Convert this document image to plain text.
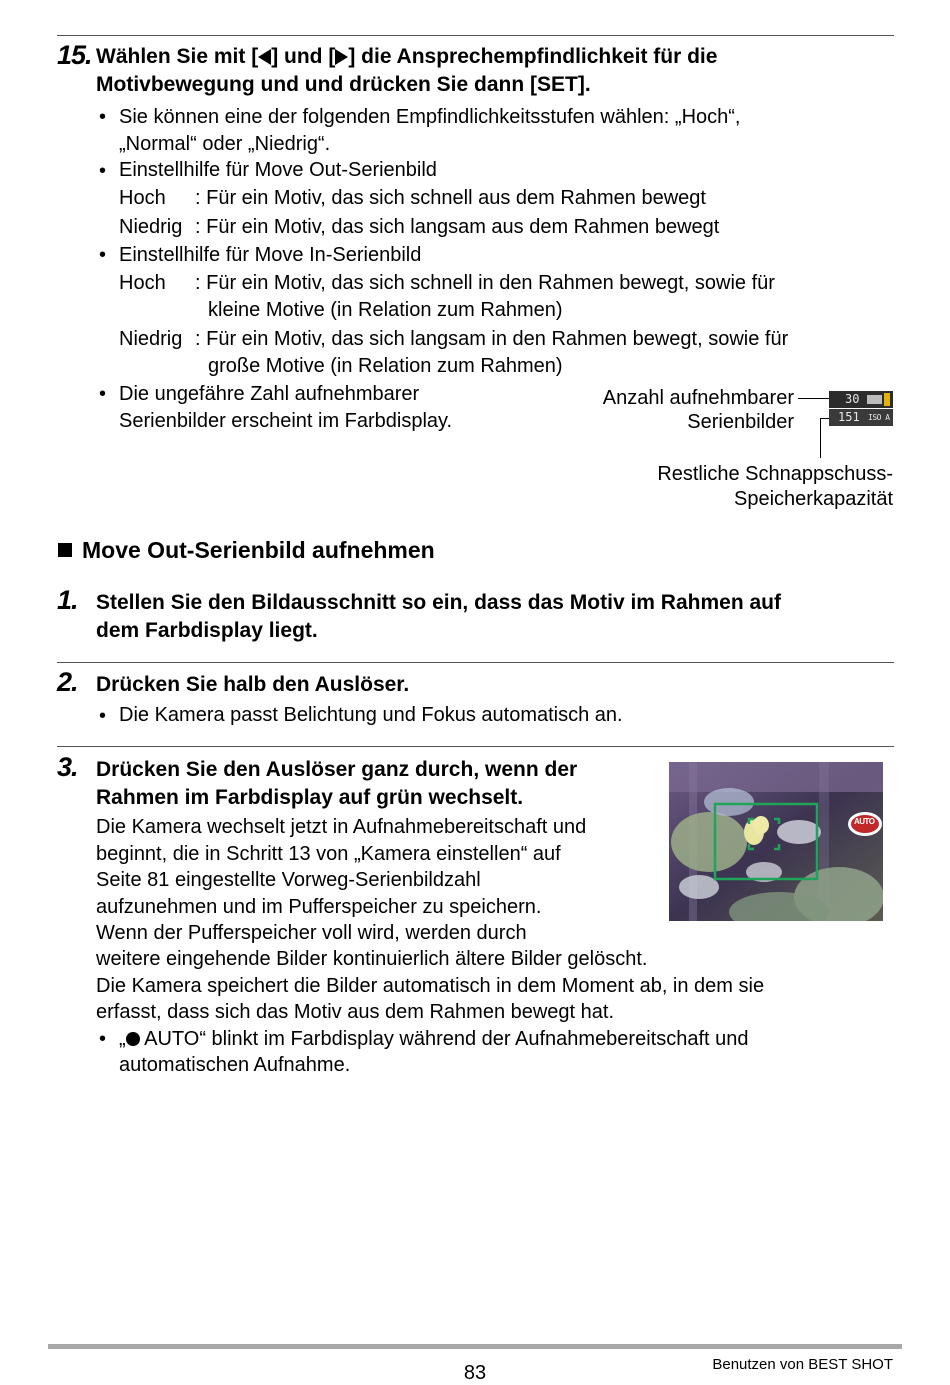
15. Wählen Sie mit [ ] und [ ] die Ansprechempfindlichkeit für die
Motivbewegung und und drücken Sie dann [SET].
• Sie können eine der folgenden Empfindlichkeitsstufen wählen: „Hoch“,
„Normal“ oder „Niedrig“.
• Einstellhilfe für Move Out-Serienbild
Hoch : Für ein Motiv, das sich schnell aus dem Rahmen bewegt
Niedrig : Für ein Motiv, das sich langsam aus dem Rahmen bewegt
• Einstellhilfe für Move In-Serienbild
Hoch : Für ein Motiv, das sich schnell in den Rahmen bewegt, sowie für
kleine Motive (in Relation zum Rahmen)
Niedrig : Für ein Motiv, das sich langsam in den Rahmen bewegt, sowie für
große Motive (in Relation zum Rahmen)
• Die ungefähre Zahl aufnehmbarer
Serienbilder erscheint im Farbdisplay.
Anzahl aufnehmbarer
Serienbilder
30
151 ISO A
Restliche Schnappschuss-
Speicherkapazität
Move Out-Serienbild aufnehmen
1. Stellen Sie den Bildausschnitt so ein, dass das Motiv im Rahmen auf
dem Farbdisplay liegt.
2. Drücken Sie halb den Auslöser.
• Die Kamera passt Belichtung und Fokus automatisch an.
3. Drücken Sie den Auslöser ganz durch, wenn der
Rahmen im Farbdisplay auf grün wechselt.
Die Kamera wechselt jetzt in Aufnahmebereitschaft und
beginnt, die in Schritt 13 von „Kamera einstellen“ auf
Seite 81 eingestellte Vorweg-Serienbildzahl
aufzunehmen und im Pufferspeicher zu speichern.
Wenn der Pufferspeicher voll wird, werden durch
weitere eingehende Bilder kontinuierlich ältere Bilder gelöscht.
Die Kamera speichert die Bilder automatisch in dem Moment ab, in dem sie
erfasst, dass sich das Motiv aus dem Rahmen bewegt hat.
• „ AUTO“ blinkt im Farbdisplay während der Aufnahmebereitschaft und
automatischen Aufnahme.
AUTO
83	Benutzen von BEST SHOT
